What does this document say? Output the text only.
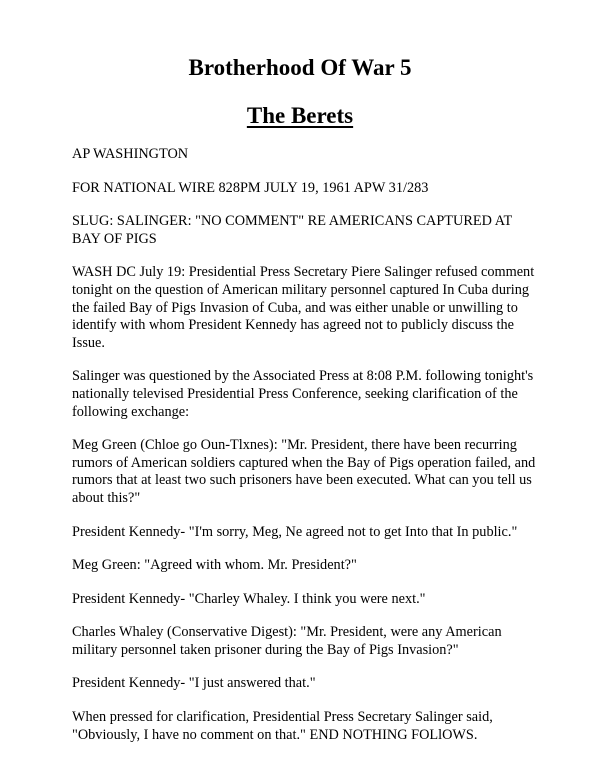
Brotherhood Of War 5
The Berets

AP WASHINGTON

FOR NATIONAL WIRE 828PM JULY 19, 1961 APW 31/283

SLUG: SALINGER: "NO COMMENT" RE AMERICANS CAPTURED AT BAY OF PIGS

WASH DC July 19: Presidential Press Secretary Piere Salinger refused comment tonight on the question of American military personnel captured In Cuba during the failed Bay of Pigs Invasion of Cuba, and was either unable or unwilling to identify with whom President Kennedy has agreed not to publicly discuss the Issue.

Salinger was questioned by the Associated Press at 8:08 P.M. following tonight's nationally televised Presidential Press Conference, seeking clarification of the following exchange:

Meg Green (Chloe go Oun-Tlxnes): "Mr. President, there have been recurring rumors of American soldiers captured when the Bay of Pigs operation failed, and rumors that at least two such prisoners have been executed. What can you tell us about this?"

President Kennedy- "I'm sorry, Meg, Ne agreed not to get Into that In public."

Meg Green: "Agreed with whom. Mr. President?"

President Kennedy- "Charley Whaley. I think you were next."

Charles Whaley (Conservative Digest): "Mr. President, were any American military personnel taken prisoner during the Bay of Pigs Invasion?"

President Kennedy- "I just answered that."

When pressed for clarification, Presidential Press Secretary Salinger said, "Obviously, I have no comment on that." END NOTHING FOLlOWS.
